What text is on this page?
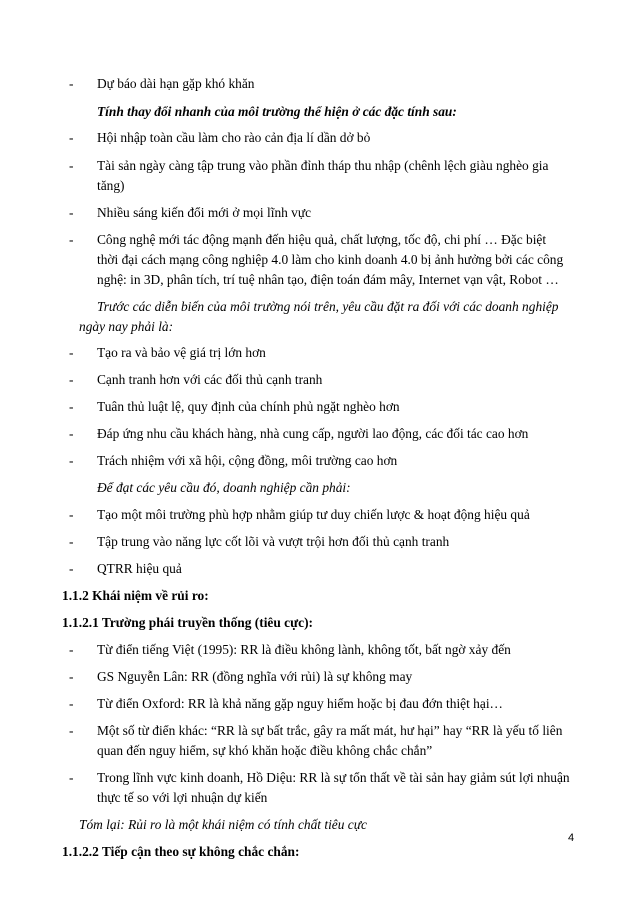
- Dự báo dài hạn gặp khó khăn
Tính thay đổi nhanh của môi trường thể hiện ở các đặc tính sau:
- Hội nhập toàn cầu làm cho rào cản địa lí dần dở bỏ
- Tài sản ngày càng tập trung vào phần đỉnh tháp thu nhập (chênh lệch giàu nghèo gia
tăng)
- Nhiều sáng kiến đổi mới ở mọi lĩnh vực
- Công nghệ mới tác động mạnh đến hiệu quả, chất lượng, tốc độ, chi phí … Đặc biệt
thời đại cách mạng công nghiệp 4.0 làm cho kinh doanh 4.0 bị ảnh hưởng bởi các công
nghệ: in 3D, phân tích, trí tuệ nhân tạo, điện toán đám mây, Internet vạn vật, Robot …
Trước các diễn biến của môi trường nói trên, yêu cầu đặt ra đối với các doanh nghiệp
ngày nay phải là:
- Tạo ra và bảo vệ giá trị lớn hơn
- Cạnh tranh hơn với các đối thủ cạnh tranh
- Tuân thủ luật lệ, quy định của chính phủ ngặt nghèo hơn
- Đáp ứng nhu cầu khách hàng, nhà cung cấp, người lao động, các đối tác cao hơn
- Trách nhiệm với xã hội, cộng đồng, môi trường cao hơn
Để đạt các yêu cầu đó, doanh nghiệp cần phải:
- Tạo một môi trường phù hợp nhằm giúp tư duy chiến lược & hoạt động hiệu quả
- Tập trung vào năng lực cốt lõi và vượt trội hơn đối thủ cạnh tranh
- QTRR hiệu quả
1.1.2 Khái niệm về rủi ro:
1.1.2.1 Trường phái truyền thống (tiêu cực):
- Từ điển tiếng Việt (1995): RR là điều không lành, không tốt, bất ngờ xảy đến
- GS Nguyễn Lân: RR (đồng nghĩa với rủi) là sự không may
- Từ điển Oxford: RR là khả năng gặp nguy hiểm hoặc bị đau đớn thiệt hại…
- Một số từ điển khác: “RR là sự bất trắc, gây ra mất mát, hư hại” hay “RR là yếu tố liên
quan đến nguy hiểm, sự khó khăn hoặc điều không chắc chắn”
- Trong lĩnh vực kinh doanh, Hồ Diệu: RR là sự tổn thất về tài sản hay giảm sút lợi nhuận
thực tế so với lợi nhuận dự kiến
Tóm lại: Rủi ro là một khái niệm có tính chất tiêu cực
1.1.2.2 Tiếp cận theo sự không chắc chắn:
4
